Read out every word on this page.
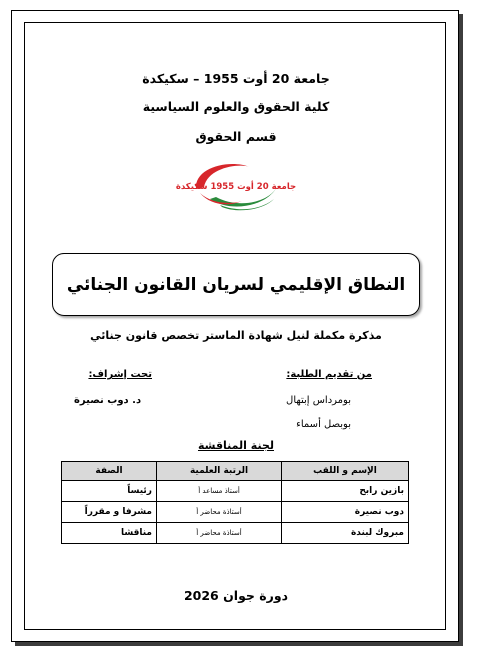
جامعة 20 أوت 1955 – سكيكدة
كلية الحقوق والعلوم السياسية
قسم الحقوق
جامعة 20 أوت 1955 سكيكدة
النطاق الإقليمي لسريان القانون الجنائي
مذكرة مكملة لنيل شهادة الماستر تخصص قانون جنائي
من تقديم الطلبة:
تحت إشراف:
بومرداس إبتهال
بوبصل أسماء
د. دوب نصيرة
لجنة المناقشة
الإسم و اللقب	الرتبة العلمية	الصفة
بازين رابح	أستاذ مساعد أ	رئيساً
دوب نصيرة	أستاذة محاضر أ	مشرفا و مقرراً
مبروك لبندة	أستاذة محاضر أ	مناقشا
دورة جوان 2026
